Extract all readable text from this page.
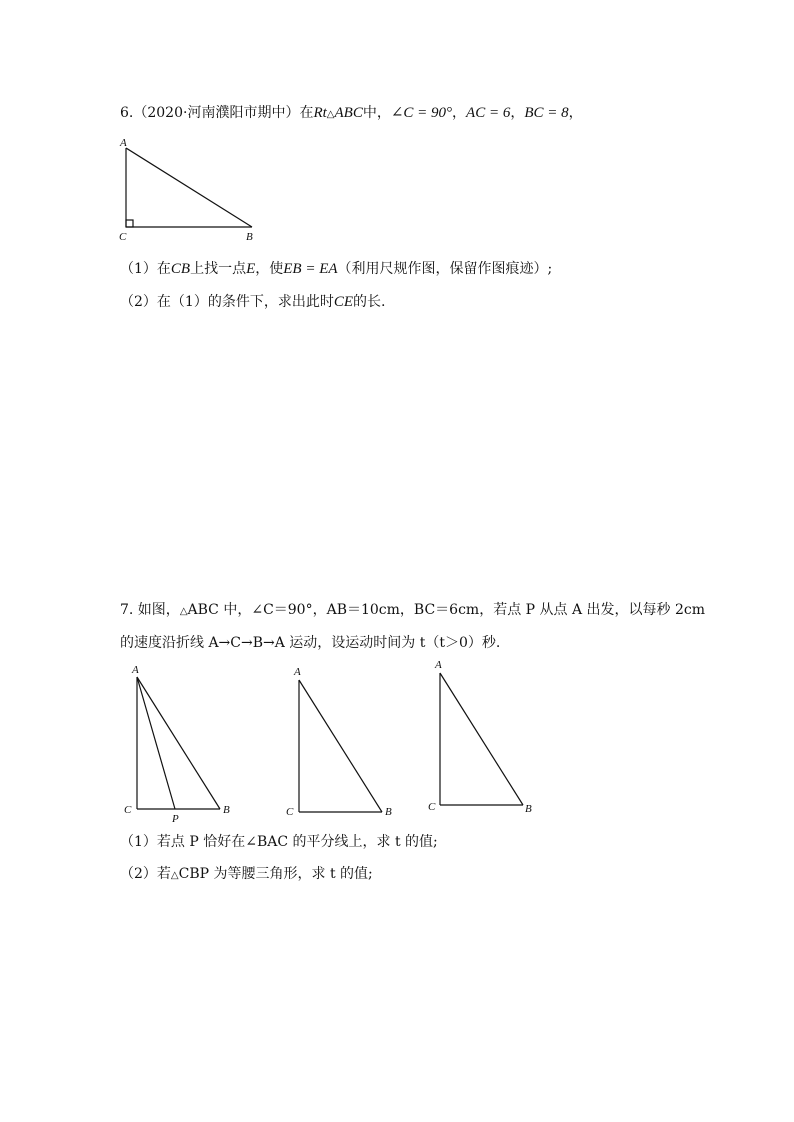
6.（2020·河南濮阳市期中）在Rt△ABC中，∠C = 90°，AC = 6，BC = 8，
A
C	B
（1）在CB上找一点E，使EB = EA（利用尺规作图，保留作图痕迹）;
（2）在（1）的条件下，求出此时CE的长.
7. 如图，△ABC 中，∠C＝90°，AB＝10cm，BC＝6cm，若点 P 从点 A 出发，以每秒 2cm
的速度沿折线 A→C→B→A 运动，设运动时间为 t（t＞0）秒.
A
C
P
B
A
C	B
A
C	B
（1）若点 P 恰好在∠BAC 的平分线上，求 t 的值;
（2）若△CBP 为等腰三角形，求 t 的值;
